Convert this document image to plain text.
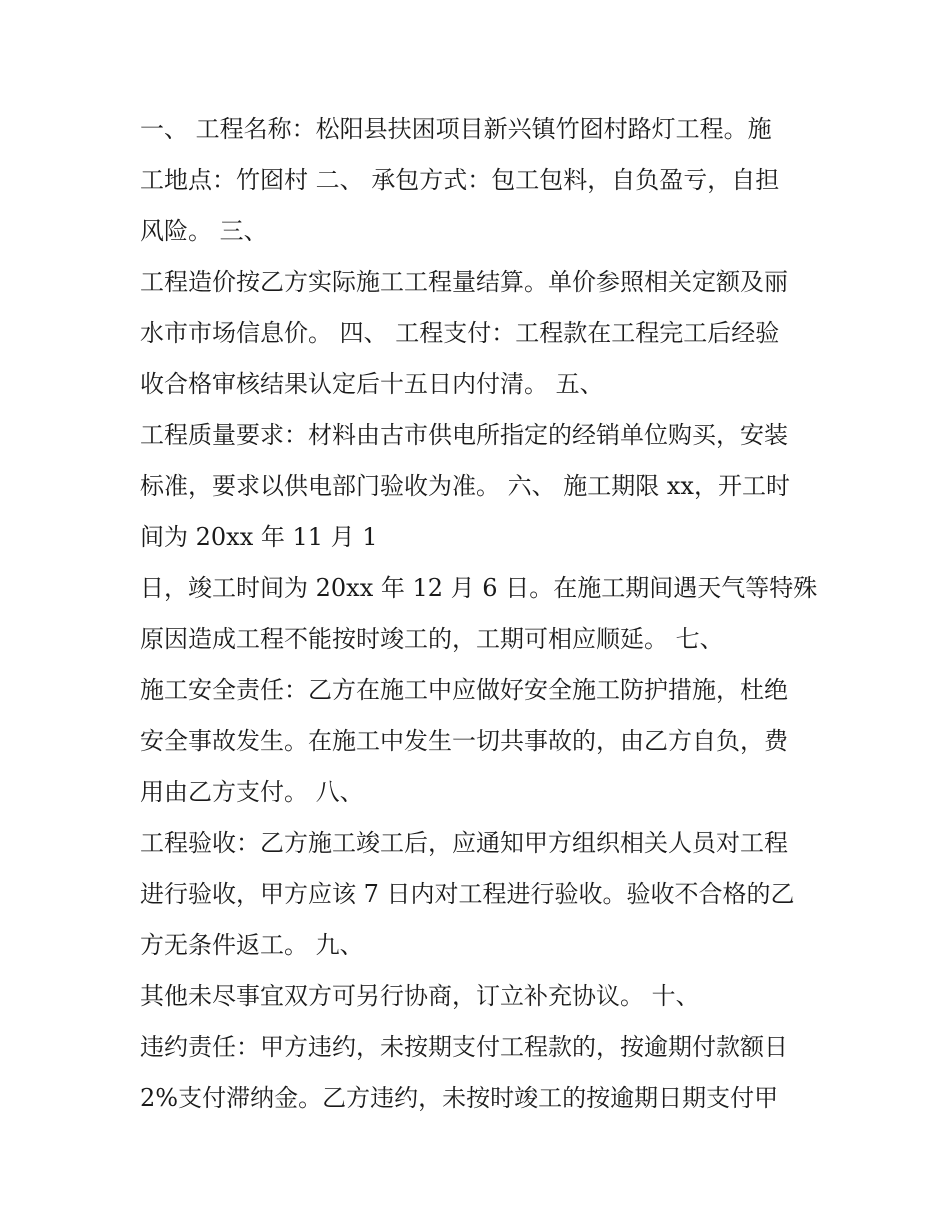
一、 工程名称：松阳县扶困项目新兴镇竹囵村路灯工程。施
工地点：竹囵村 二、 承包方式：包工包料，自负盈亏，自担
风险。 三、
工程造价按乙方实际施工工程量结算。单价参照相关定额及丽
水市市场信息价。 四、 工程支付：工程款在工程完工后经验
收合格审核结果认定后十五日内付清。 五、
工程质量要求：材料由古市供电所指定的经销单位购买，安装
标准，要求以供电部门验收为准。 六、 施工期限 xx，开工时
间为 20xx 年 11 月 1
日，竣工时间为 20xx 年 12 月 6 日。在施工期间遇天气等特殊
原因造成工程不能按时竣工的，工期可相应顺延。 七、
施工安全责任：乙方在施工中应做好安全施工防护措施，杜绝
安全事故发生。在施工中发生一切共事故的，由乙方自负，费
用由乙方支付。 八、
工程验收：乙方施工竣工后，应通知甲方组织相关人员对工程
进行验收，甲方应该 7 日内对工程进行验收。验收不合格的乙
方无条件返工。 九、
其他未尽事宜双方可另行协商，订立补充协议。 十、
违约责任：甲方违约，未按期支付工程款的，按逾期付款额日
2%支付滞纳金。乙方违约，未按时竣工的按逾期日期支付甲
